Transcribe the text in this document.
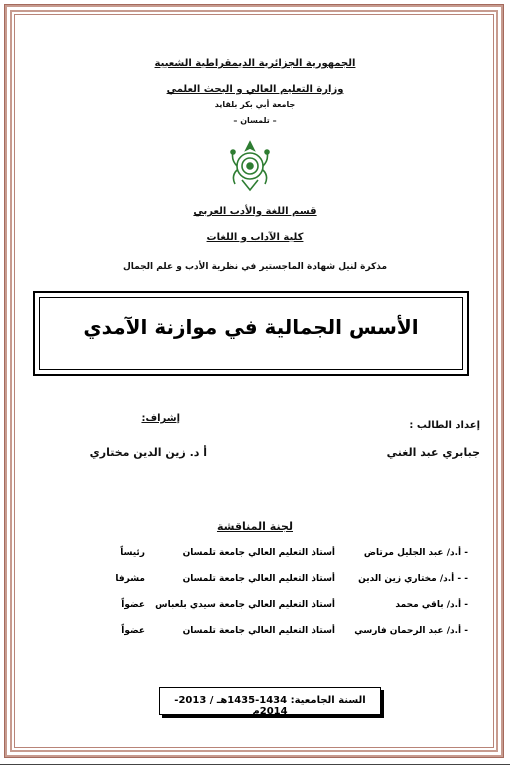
الجمهورية الجزائرية الديمقراطية الشعبية
وزارة التعليم العالي و البحث العلمي
جامعة أبي بكر بلقايد
– تلمسان –
قسم اللغة والأدب العربي
كلية الآداب و اللغات
مذكرة لنيل شهادة الماجستير في نظرية الأدب و علم الجمال
الأسس الجمالية في موازنة الآمدي
إعداد الطالب :
جبابري عبد الغني
إشراف:
أ د. زين الدين مختاري
لجنة المناقشة
- أ.د/ عبد الجليل مرتاض
أستاذ التعليم العالي
جامعة تلمسان
رئيساً
- - أ.د/ مختاري زين الدين
أستاذ التعليم العالي
جامعة تلمسان
مشرفا
- أ.د/ باقي محمد
أستاذ التعليم العالي
جامعة سيدي بلعباس
عضواً
- أ.د/ عبد الرحمان فارسي
أستاذ التعليم العالي
جامعة تلمسان
عضواً
السنة الجامعية: 1434-1435هـ / 2013-2014م
